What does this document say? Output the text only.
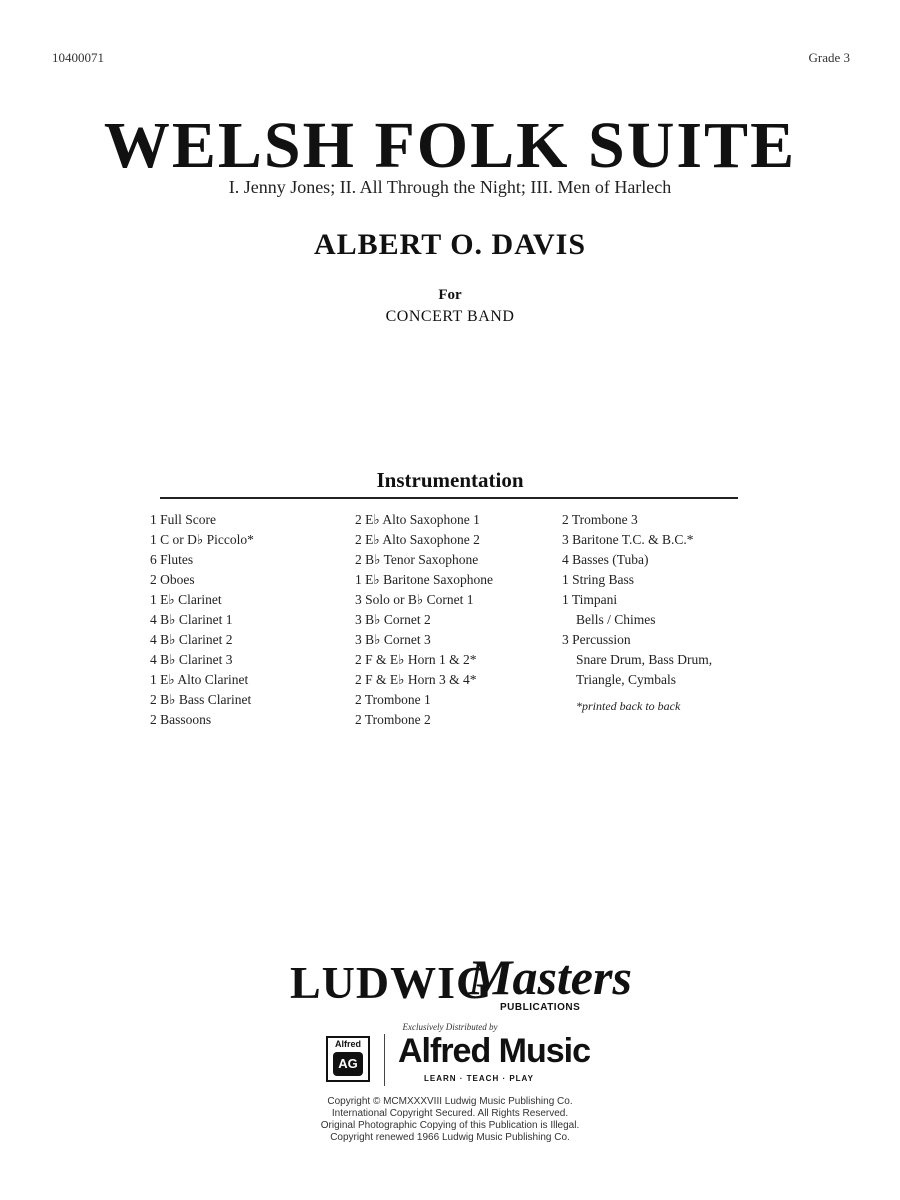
10400071	Grade 3
WELSH FOLK SUITE
I. Jenny Jones; II. All Through the Night; III. Men of Harlech
ALBERT O. DAVIS
For
CONCERT BAND
Instrumentation
1 Full Score
1 C or D♭ Piccolo*
6 Flutes
2 Oboes
1 E♭ Clarinet
4 B♭ Clarinet 1
4 B♭ Clarinet 2
4 B♭ Clarinet 3
1 E♭ Alto Clarinet
2 B♭ Bass Clarinet
2 Bassoons
2 E♭ Alto Saxophone 1
2 E♭ Alto Saxophone 2
2 B♭ Tenor Saxophone
1 E♭ Baritone Saxophone
3 Solo or B♭ Cornet 1
3 B♭ Cornet 2
3 B♭ Cornet 3
2 F & E♭ Horn 1 & 2*
2 F & E♭ Horn 3 & 4*
2 Trombone 1
2 Trombone 2
2 Trombone 3
3 Baritone T.C. & B.C.*
4 Basses (Tuba)
1 String Bass
1 Timpani
Bells / Chimes
3 Percussion
Snare Drum, Bass Drum,
Triangle, Cymbals
*printed back to back
LUDWIG
Masters
PUBLICATIONS
Exclusively Distributed by
Alfred
AG Alfred Music
LEARN · TEACH · PLAY
Copyright © MCMXXXVIII Ludwig Music Publishing Co.
International Copyright Secured. All Rights Reserved.
Original Photographic Copying of this Publication is Illegal.
Copyright renewed 1966 Ludwig Music Publishing Co.
